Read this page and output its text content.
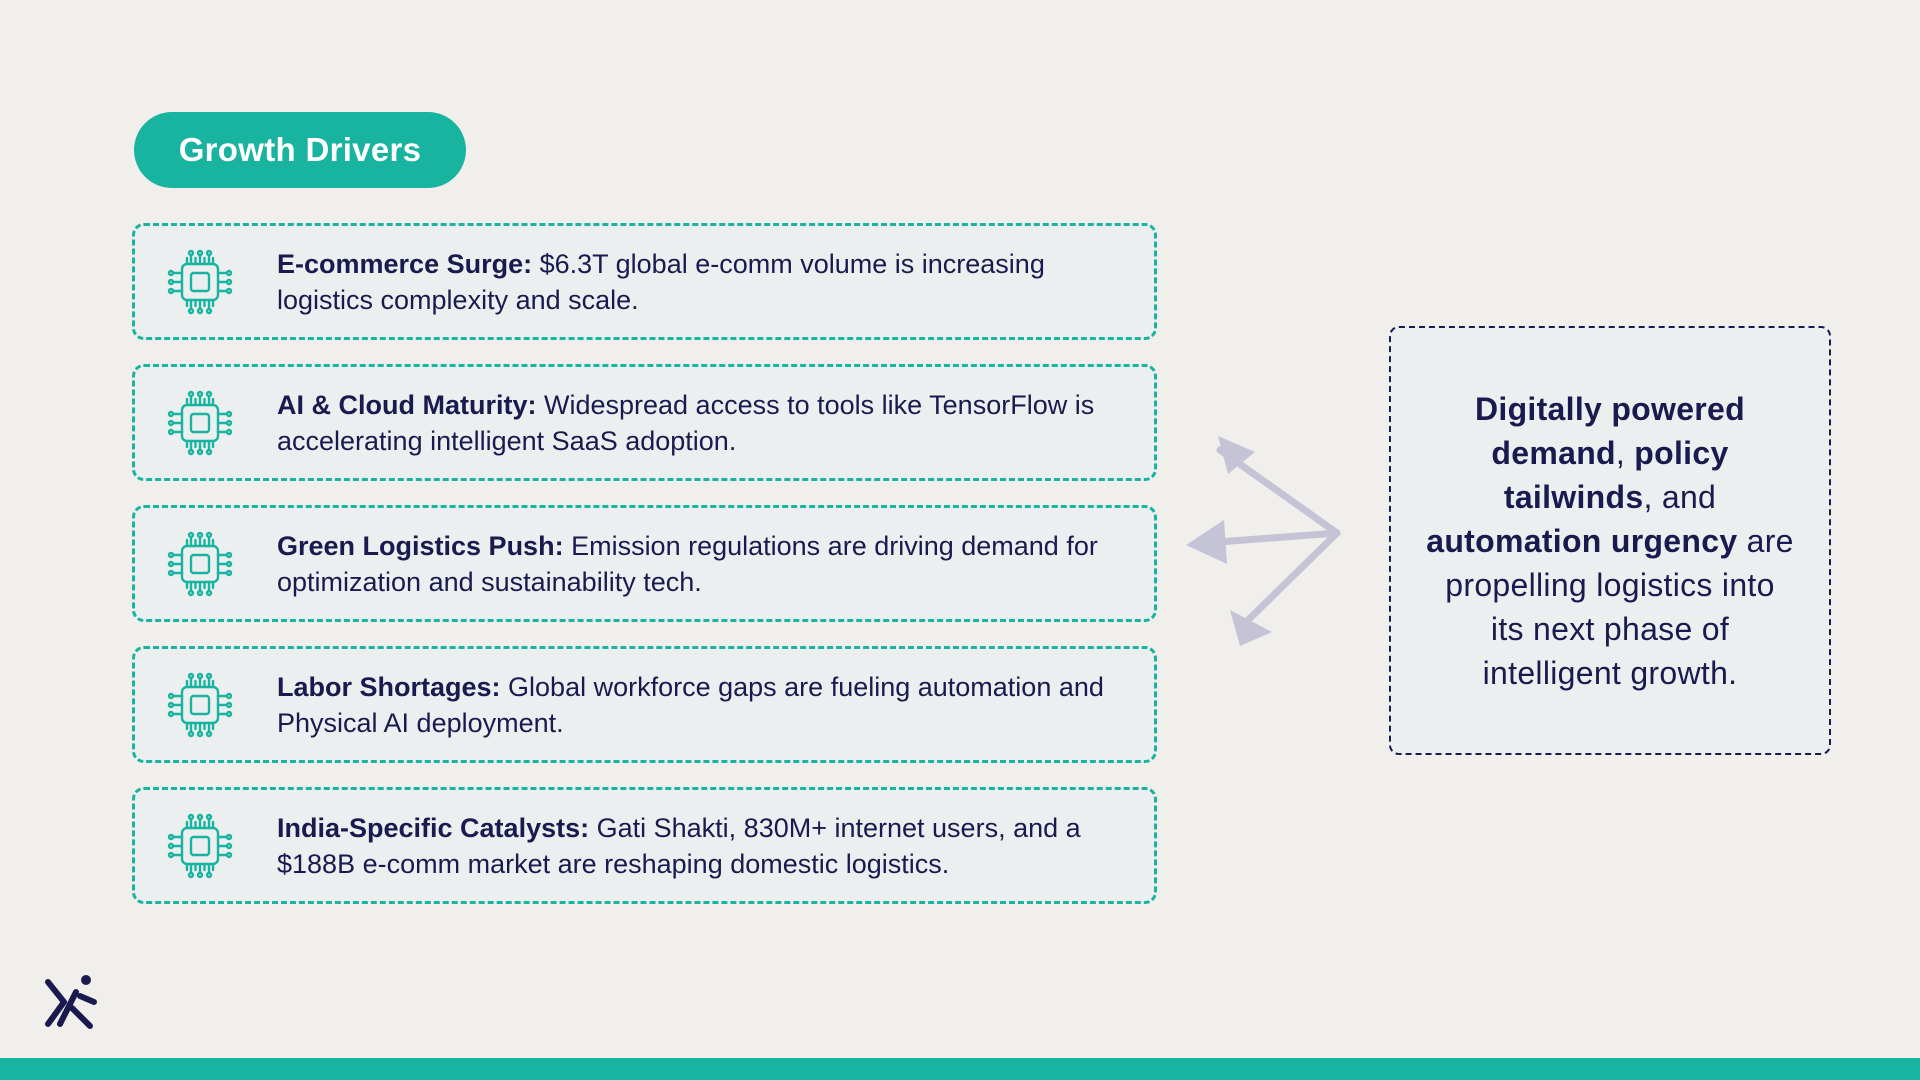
Growth Drivers
E-commerce Surge: $6.3T global e-comm volume is increasing logistics complexity and scale.
AI & Cloud Maturity: Widespread access to tools like TensorFlow is accelerating intelligent SaaS adoption.
Green Logistics Push: Emission regulations are driving demand for optimization and sustainability tech.
Labor Shortages: Global workforce gaps are fueling automation and Physical AI deployment.
India-Specific Catalysts: Gati Shakti, 830M+ internet users, and a $188B e-comm market are reshaping domestic logistics.

Digitally powered demand, policy tailwinds, and automation urgency are propelling logistics into its next phase of intelligent growth.
